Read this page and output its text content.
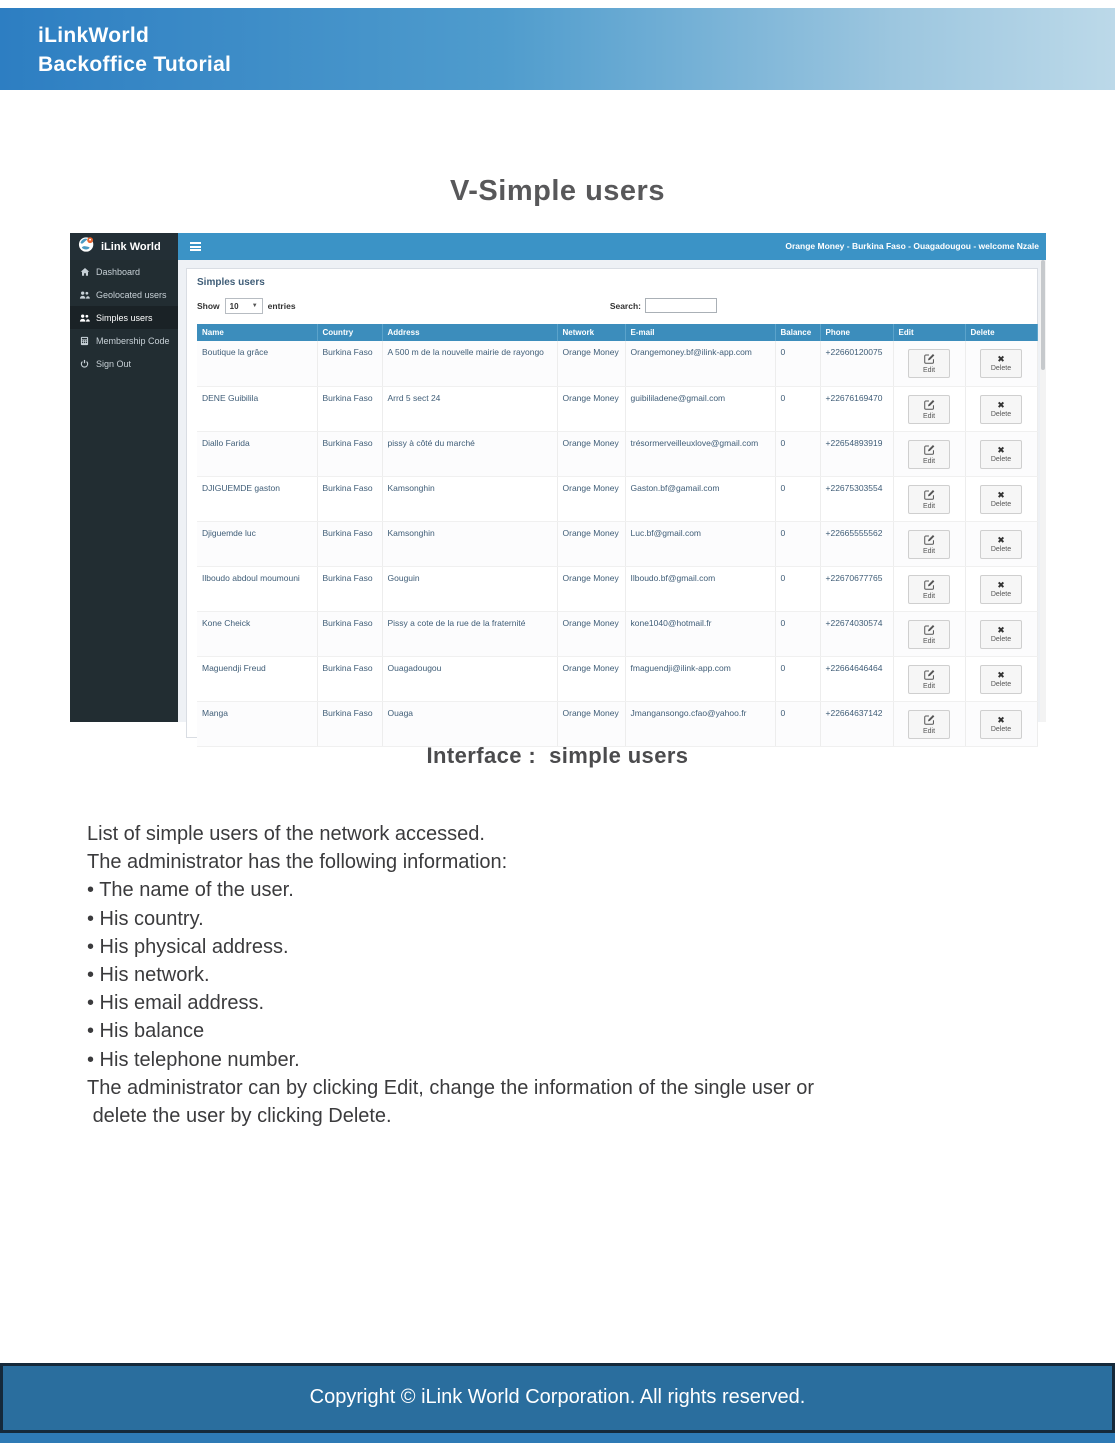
iLinkWorld
Backoffice Tutorial
V-Simple users
iLink World	Orange Money - Burkina Faso - Ouagadougou - welcome Nzale
Dashboard
Geolocated users
Simples users
Membership Code
Sign Out
Simples users
Show 10 ▼ entries	Search:
Name	Country	Address	Network	E-mail	Balance	Phone	Edit	Delete
Boutique la grâce	Burkina Faso	A 500 m de la nouvelle mairie de rayongo	Orange Money	Orangemoney.bf@ilink-app.com	0	+22660120075	Edit	✖
Delete

DENE Guibilila	Burkina Faso	Arrd 5 sect 24	Orange Money	guibililadene@gmail.com	0	+22676169470	Edit	✖
Delete

Diallo Farida	Burkina Faso	pissy à côté du marché	Orange Money	trésormerveilleuxlove@gmail.com	0	+22654893919	Edit	✖
Delete

DJIGUEMDE gaston	Burkina Faso	Kamsonghin	Orange Money	Gaston.bf@gamail.com	0	+22675303554	Edit	✖
Delete

Djiguemde luc	Burkina Faso	Kamsonghin	Orange Money	Luc.bf@gmail.com	0	+22665555562	Edit	✖
Delete

Ilboudo abdoul moumouni	Burkina Faso	Gouguin	Orange Money	Ilboudo.bf@gmail.com	0	+22670677765	Edit	✖
Delete

Kone Cheick	Burkina Faso	Pissy a cote de la rue de la fraternité	Orange Money	kone1040@hotmail.fr	0	+22674030574	Edit	✖
Delete

Maguendji Freud	Burkina Faso	Ouagadougou	Orange Money	fmaguendji@ilink-app.com	0	+22664646464	Edit	✖
Delete

Manga	Burkina Faso	Ouaga	Orange Money	Jmangansongo.cfao@yahoo.fr	0	+22664637142	Edit	✖
Delete
Interface :  simple users
List of simple users of the network accessed.
The administrator has the following information:
• The name of the user.
• His country.
• His physical address.
• His network.
• His email address.
• His balance
• His telephone number.
The administrator can by clicking Edit, change the information of the single user or
delete the user by clicking Delete.
Copyright © iLink World Corporation. All rights reserved.
